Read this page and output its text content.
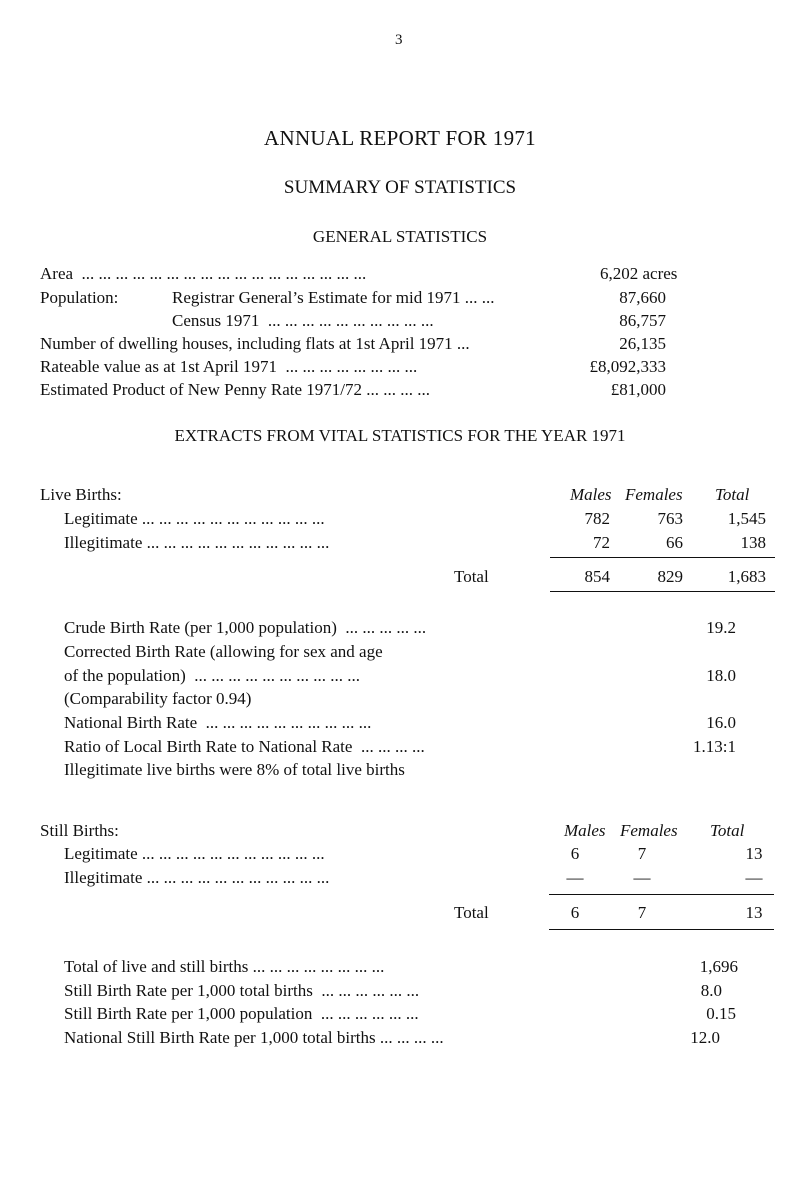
3
ANNUAL REPORT FOR 1971
SUMMARY OF STATISTICS
GENERAL STATISTICS
Area  ... ... ... ... ... ... ... ... ... ... ... ... ... ... ... ... ...	6,202 acres
Population:	Registrar General’s Estimate for mid 1971 ... ...	87,660
Census 1971  ... ... ... ... ... ... ... ... ... ...	86,757
Number of dwelling houses, including flats at 1st April 1971 ...	26,135
Rateable value as at 1st April 1971  ... ... ... ... ... ... ... ...	£8,092,333
Estimated Product of New Penny Rate 1971/72 ... ... ... ...	£81,000
EXTRACTS FROM VITAL STATISTICS FOR THE YEAR 1971
Live Births:	Males Females Total
Legitimate ... ... ... ... ... ... ... ... ... ... ...	782	763	1,545
Illegitimate ... ... ... ... ... ... ... ... ... ... ...	72	66	138
Total	854	829	1,683
Crude Birth Rate (per 1,000 population)  ... ... ... ... ...	19.2
Corrected Birth Rate (allowing for sex and age
of the population)  ... ... ... ... ... ... ... ... ... ...	18.0
(Comparability factor 0.94)
National Birth Rate  ... ... ... ... ... ... ... ... ... ...	16.0
Ratio of Local Birth Rate to National Rate  ... ... ... ...	1.13:1
Illegitimate live births were 8% of total live births
Still Births:	Males Females Total
Legitimate ... ... ... ... ... ... ... ... ... ... ...	6	7	13
Illegitimate ... ... ... ... ... ... ... ... ... ... ...	—	—	—
Total	6	7	13
Total of live and still births ... ... ... ... ... ... ... ...	1,696
Still Birth Rate per 1,000 total births  ... ... ... ... ... ...	8.0
Still Birth Rate per 1,000 population  ... ... ... ... ... ...	0.15
National Still Birth Rate per 1,000 total births ... ... ... ...	12.0
